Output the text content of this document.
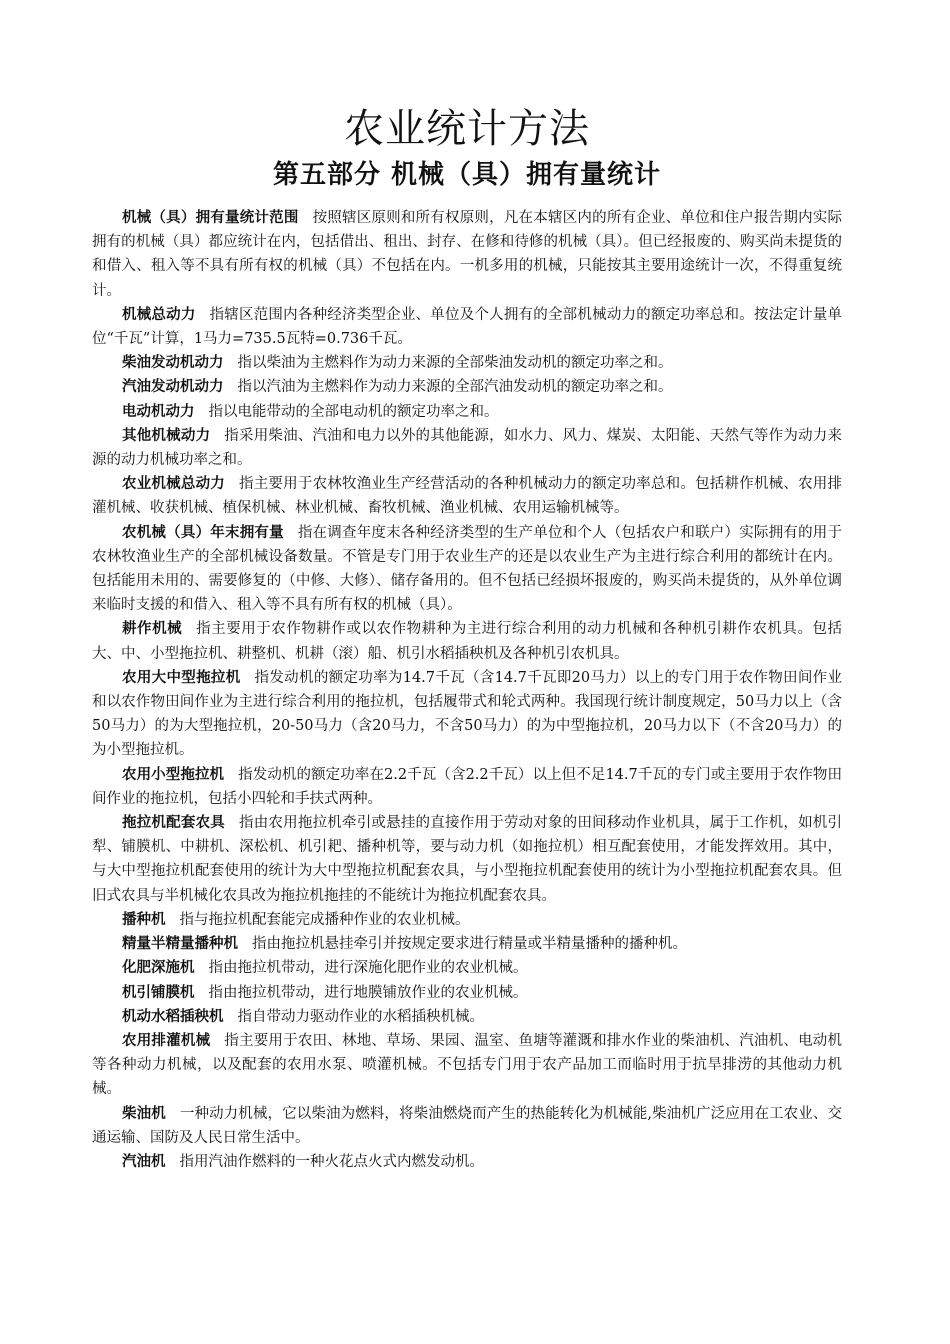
农业统计方法
第五部分 机械（具）拥有量统计

机械（具）拥有量统计范围 按照辖区原则和所有权原则，凡在本辖区内的所有企业、单位和住户报告期内实际拥有的机械（具）都应统计在内，包括借出、租出、封存、在修和待修的机械（具）。但已经报废的、购买尚未提货的和借入、租入等不具有所有权的机械（具）不包括在内。一机多用的机械，只能按其主要用途统计一次，不得重复统计。

机械总动力 指辖区范围内各种经济类型企业、单位及个人拥有的全部机械动力的额定功率总和。按法定计量单位“千瓦”计算，1马力=735.5瓦特=0.736千瓦。

柴油发动机动力 指以柴油为主燃料作为动力来源的全部柴油发动机的额定功率之和。

汽油发动机动力 指以汽油为主燃料作为动力来源的全部汽油发动机的额定功率之和。

电动机动力 指以电能带动的全部电动机的额定功率之和。

其他机械动力 指采用柴油、汽油和电力以外的其他能源，如水力、风力、煤炭、太阳能、天然气等作为动力来源的动力机械功率之和。

农业机械总动力 指主要用于农林牧渔业生产经营活动的各种机械动力的额定功率总和。包括耕作机械、农用排灌机械、收获机械、植保机械、林业机械、畜牧机械、渔业机械、农用运输机械等。

农机械（具）年末拥有量 指在调查年度末各种经济类型的生产单位和个人（包括农户和联户）实际拥有的用于农林牧渔业生产的全部机械设备数量。不管是专门用于农业生产的还是以农业生产为主进行综合利用的都统计在内。包括能用未用的、需要修复的（中修、大修）、储存备用的。但不包括已经损坏报废的，购买尚未提货的，从外单位调来临时支援的和借入、租入等不具有所有权的机械（具）。

耕作机械 指主要用于农作物耕作或以农作物耕种为主进行综合利用的动力机械和各种机引耕作农机具。包括大、中、小型拖拉机、耕整机、机耕（滚）船、机引水稻插秧机及各种机引农机具。

农用大中型拖拉机 指发动机的额定功率为14.7千瓦（含14.7千瓦即20马力）以上的专门用于农作物田间作业和以农作物田间作业为主进行综合利用的拖拉机，包括履带式和轮式两种。我国现行统计制度规定，50马力以上（含50马力）的为大型拖拉机，20-50马力（含20马力，不含50马力）的为中型拖拉机，20马力以下（不含20马力）的为小型拖拉机。

农用小型拖拉机 指发动机的额定功率在2.2千瓦（含2.2千瓦）以上但不足14.7千瓦的专门或主要用于农作物田间作业的拖拉机，包括小四轮和手扶式两种。

拖拉机配套农具 指由农用拖拉机牵引或悬挂的直接作用于劳动对象的田间移动作业机具，属于工作机，如机引犁、铺膜机、中耕机、深松机、机引耙、播种机等，要与动力机（如拖拉机）相互配套使用，才能发挥效用。其中，与大中型拖拉机配套使用的统计为大中型拖拉机配套农具，与小型拖拉机配套使用的统计为小型拖拉机配套农具。但旧式农具与半机械化农具改为拖拉机拖挂的不能统计为拖拉机配套农具。

播种机 指与拖拉机配套能完成播种作业的农业机械。

精量半精量播种机 指由拖拉机悬挂牵引并按规定要求进行精量或半精量播种的播种机。

化肥深施机 指由拖拉机带动，进行深施化肥作业的农业机械。

机引铺膜机 指由拖拉机带动，进行地膜铺放作业的农业机械。

机动水稻插秧机 指自带动力驱动作业的水稻插秧机械。

农用排灌机械 指主要用于农田、林地、草场、果园、温室、鱼塘等灌溉和排水作业的柴油机、汽油机、电动机等各种动力机械，以及配套的农用水泵、喷灌机械。不包括专门用于农产品加工而临时用于抗旱排涝的其他动力机械。

柴油机 一种动力机械，它以柴油为燃料，将柴油燃烧而产生的热能转化为机械能,柴油机广泛应用在工农业、交通运输、国防及人民日常生活中。

汽油机 指用汽油作燃料的一种火花点火式内燃发动机。
